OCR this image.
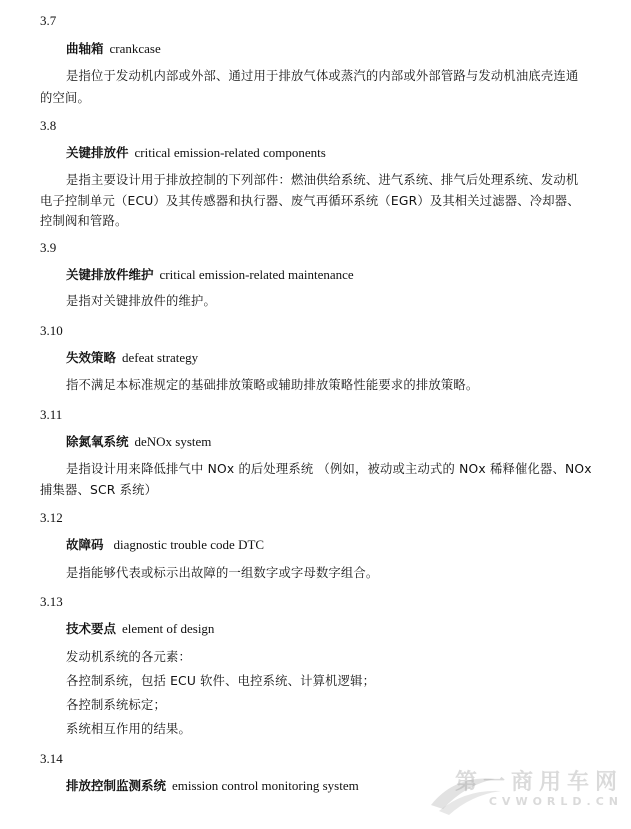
3.7
曲轴箱 crankcase
是指位于发动机内部或外部、通过用于排放气体或蒸汽的内部或外部管路与发动机油底壳连通
的空间。
3.8
关键排放件 critical emission-related components
是指主要设计用于排放控制的下列部件：燃油供给系统、进气系统、排气后处理系统、发动机
电子控制单元（ECU）及其传感器和执行器、废气再循环系统（EGR）及其相关过滤器、冷却器、
控制阀和管路。
3.9
关键排放件维护 critical emission-related maintenance
是指对关键排放件的维护。
3.10
失效策略 defeat strategy
指不满足本标准规定的基础排放策略或辅助排放策略性能要求的排放策略。
3.11
除氮氧系统 deNOx system
是指设计用来降低排气中 NOx 的后处理系统 （例如，被动或主动式的 NOx 稀释催化器、NOx
捕集器、SCR 系统）
3.12
故障码 diagnostic trouble code DTC
是指能够代表或标示出故障的一组数字或字母数字组合。
3.13
技术要点 element of design
发动机系统的各元素：
各控制系统，包括 ECU 软件、电控系统、计算机逻辑；
各控制系统标定；
系统相互作用的结果。
3.14
排放控制监测系统 emission control monitoring system	第一商用车网
CVWORLD.CN
